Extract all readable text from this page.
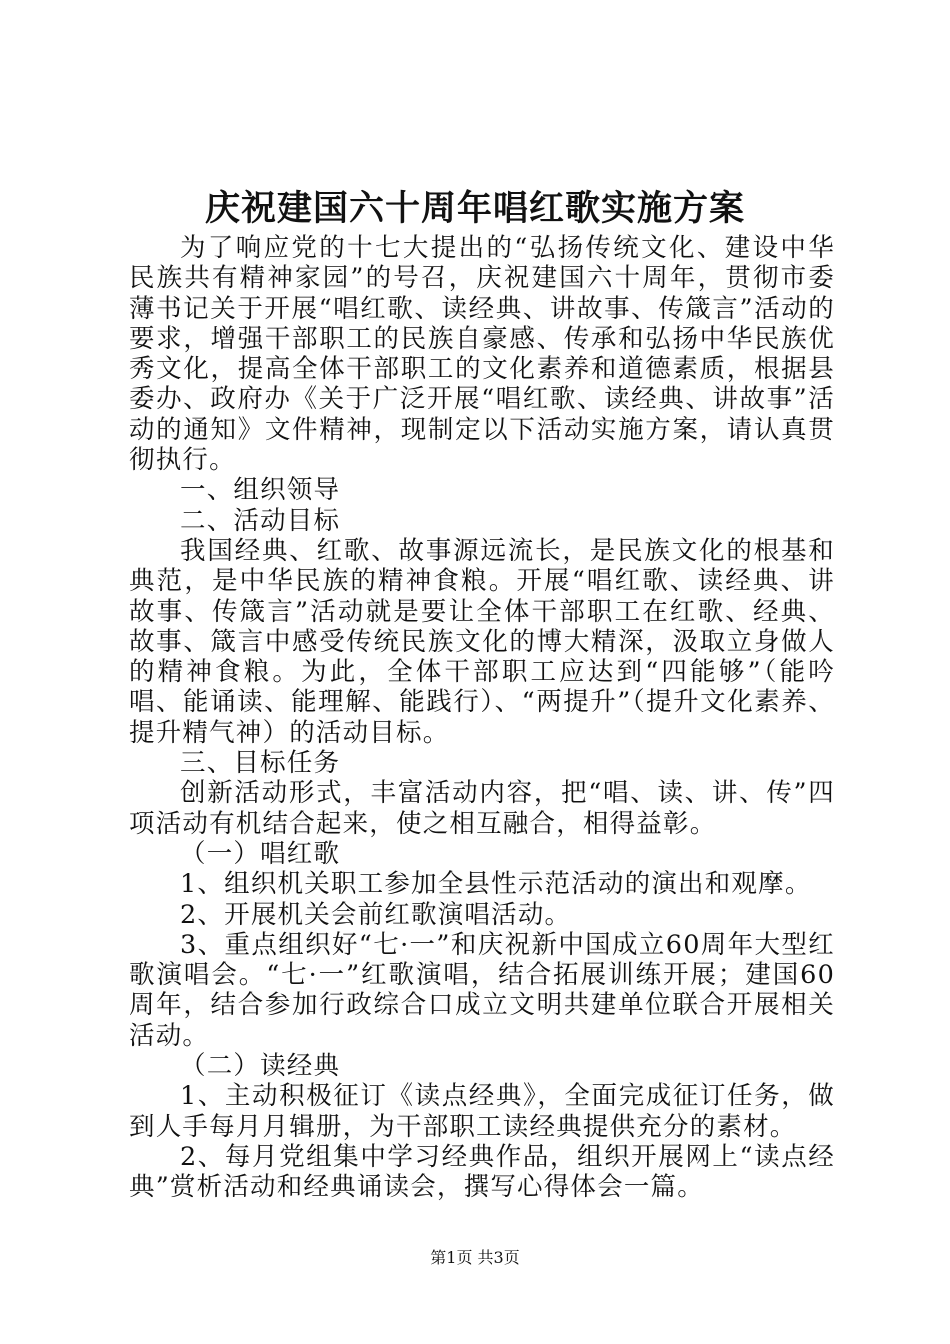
庆祝建国六十周年唱红歌实施方案

为了响应党的十七大提出的“弘扬传统文化、建设中华民族共有精神家园”的号召，庆祝建国六十周年，贯彻市委薄书记关于开展“唱红歌、读经典、讲故事、传箴言”活动的要求，增强干部职工的民族自豪感、传承和弘扬中华民族优秀文化，提高全体干部职工的文化素养和道德素质，根据县委办、政府办《关于广泛开展“唱红歌、读经典、讲故事”活动的通知》文件精神，现制定以下活动实施方案，请认真贯彻执行。

一、组织领导

二、活动目标

我国经典、红歌、故事源远流长，是民族文化的根基和典范，是中华民族的精神食粮。开展“唱红歌、读经典、讲故事、传箴言”活动就是要让全体干部职工在红歌、经典、故事、箴言中感受传统民族文化的博大精深，汲取立身做人的精神食粮。为此，全体干部职工应达到“四能够”（能吟唱、能诵读、能理解、能践行）、“两提升”（提升文化素养、提升精气神）的活动目标。

三、目标任务

创新活动形式，丰富活动内容，把“唱、读、讲、传”四项活动有机结合起来，使之相互融合，相得益彰。

（一）唱红歌

1、组织机关职工参加全县性示范活动的演出和观摩。

2、开展机关会前红歌演唱活动。

3、重点组织好“七·一”和庆祝新中国成立60周年大型红歌演唱会。“七·一”红歌演唱，结合拓展训练开展；建国60周年，结合参加行政综合口成立文明共建单位联合开展相关活动。

（二）读经典

1、主动积极征订《读点经典》，全面完成征订任务，做到人手每月月辑册，为干部职工读经典提供充分的素材。

2、每月党组集中学习经典作品，组织开展网上“读点经典”赏析活动和经典诵读会，撰写心得体会一篇。

第1页 共3页
